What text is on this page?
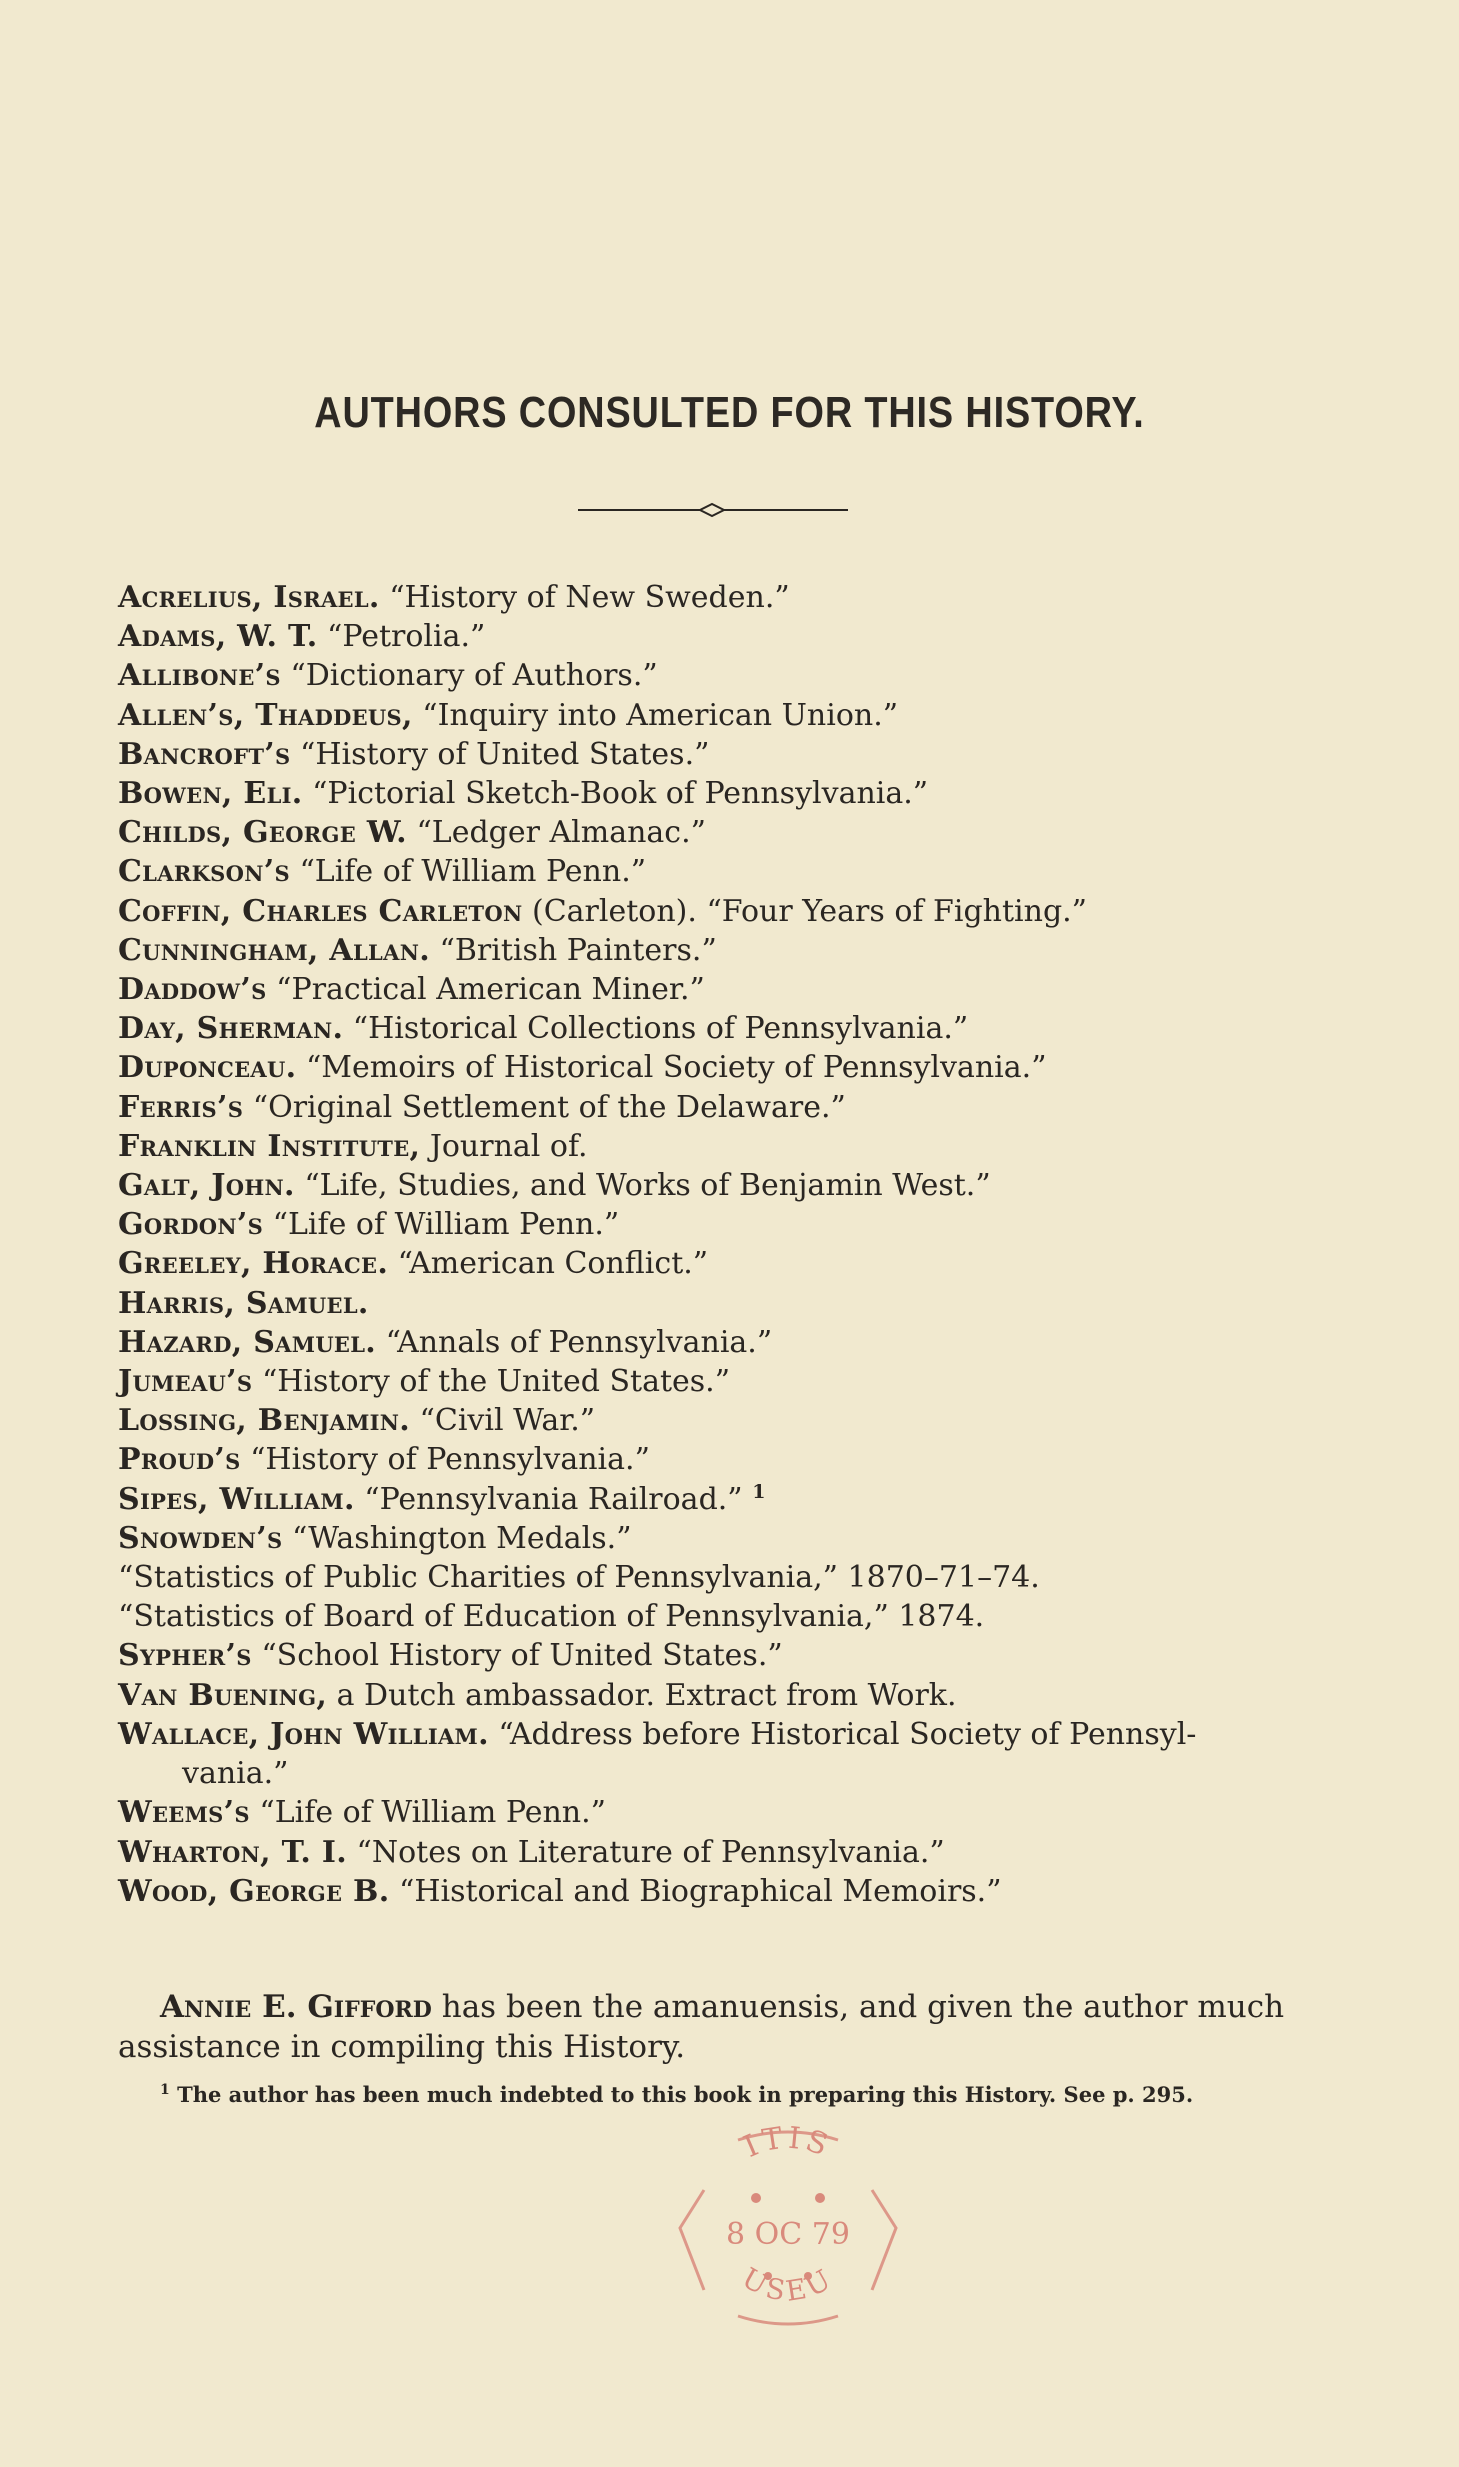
AUTHORS CONSULTED FOR THIS HISTORY.
Acrelius, Israel. “History of New Sweden.”
Adams, W. T. “Petrolia.”
Allibone’s “Dictionary of Authors.”
Allen’s, Thaddeus, “Inquiry into American Union.”
Bancroft’s “History of United States.”
Bowen, Eli. “Pictorial Sketch-Book of Pennsylvania.”
Childs, George W. “Ledger Almanac.”
Clarkson’s “Life of William Penn.”
Coffin, Charles Carleton (Carleton). “Four Years of Fighting.”
Cunningham, Allan. “British Painters.”
Daddow’s “Practical American Miner.”
Day, Sherman. “Historical Collections of Pennsylvania.”
Duponceau. “Memoirs of Historical Society of Pennsylvania.”
Ferris’s “Original Settlement of the Delaware.”
Franklin Institute, Journal of.
Galt, John. “Life, Studies, and Works of Benjamin West.”
Gordon’s “Life of William Penn.”
Greeley, Horace. “American Conflict.”
Harris, Samuel.
Hazard, Samuel. “Annals of Pennsylvania.”
Jumeau’s “History of the United States.”
Lossing, Benjamin. “Civil War.”
Proud’s “History of Pennsylvania.”
Sipes, William. “Pennsylvania Railroad.” $^1$
Snowden’s “Washington Medals.”
“Statistics of Public Charities of Pennsylvania,” 1870–71–74.
“Statistics of Board of Education of Pennsylvania,” 1874.
Sypher’s “School History of United States.”
Van Buening, a Dutch ambassador. Extract from Work.
Wallace, John William. “Address before Historical Society of Pennsyl-
vania.”
Weems’s “Life of William Penn.”
Wharton, T. I. “Notes on Literature of Pennsylvania.”
Wood, George B. “Historical and Biographical Memoirs.”

Annie E. Gifford has been the amanuensis, and given the author much assistance in compiling this History.

$^1$ The author has been much indebted to this book in preparing this History. See p. 295.
ITIS
8 OC 79
USEU
